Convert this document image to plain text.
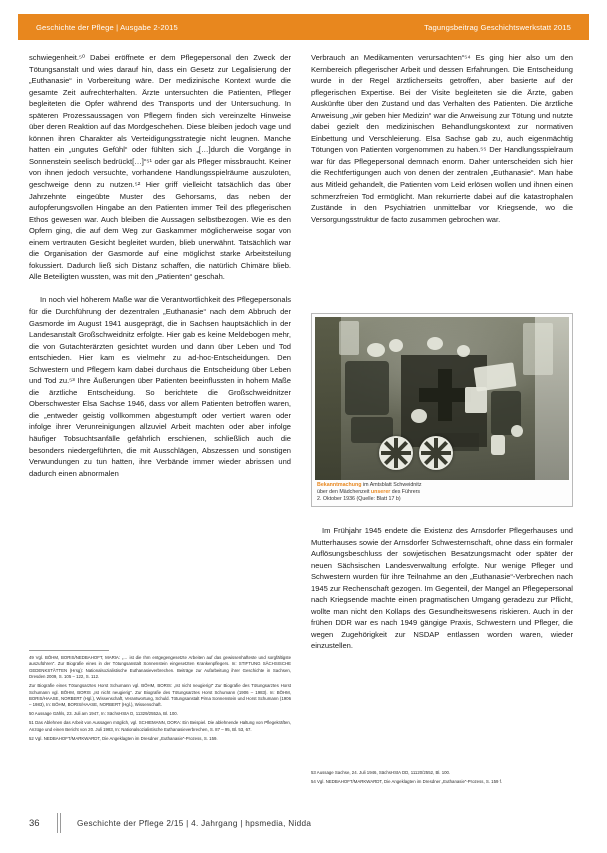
Geschichte der Pflege | Ausgabe 2-2015	Tagungsbeitrag Geschichtswerkstatt 2015

schwiegenheit.⁵⁰ Dabei eröffnete er dem Pflegepersonal den Zweck der Tötungsanstalt und wies darauf hin, dass ein Gesetz zur Legalisierung der „Euthanasie“ in Vorbereitung wäre. Der medizinische Kontext wurde die gesamte Zeit aufrechterhalten. Ärzte untersuchten die Patienten, Pfleger begleiteten die Opfer während des Transports und der Untersuchung. In späteren Prozessaussagen von Pflegern finden sich vereinzelte Hinweise über deren Reaktion auf das Mordgeschehen. Diese bleiben jedoch vage und können ihren Charakter als Verteidigungsstrategie nicht leugnen. Manche hatten ein „ungutes Gefühl“ oder fühlten sich „[…]durch die Vorgänge in Sonnenstein seelisch bedrückt[…]“⁵¹ oder gar als Pfleger missbraucht. Keiner von ihnen jedoch versuchte, vorhandene Handlungsspielräume auszuloten, geschweige denn zu nutzen.⁵² Hier griff vielleicht tatsächlich das über Jahrzehnte eingeübte Muster des Gehorsams, das neben der aufopferungsvollen Hingabe an den Patienten immer Teil des pflegerischen Ethos gewesen war. Auch bleiben die Aussagen selbstbezogen. Wie es den Opfern ging, die auf dem Weg zur Gaskammer möglicherweise sogar von einem vertrauten Gesicht begleitet wurden, blieb unerwähnt. Tatsächlich war die Organisation der Gasmorde auf eine möglichst starke Arbeitsteilung fokussiert. Dadurch ließ sich Distanz schaffen, die natürlich Chimäre blieb. Alle Beteiligten wussten, was mit den „Patienten“ geschah.

In noch viel höherem Maße war die Verantwortlichkeit des Pflegepersonals für die Durchführung der dezentralen „Euthanasie“ nach dem Abbruch der Gasmorde im August 1941 ausgeprägt, die in Sachsen hauptsächlich in der Landesanstalt Großschweidnitz erfolgte. Hier gab es keine Meldebogen mehr, die von Gutachterärzten gesichtet wurden und dann über Leben und Tod entschieden. Hier kam es vielmehr zu ad-hoc-Entscheidungen. Den Schwestern und Pflegern kam dabei durchaus die Entscheidung über Leben und Tod zu.⁵³ Ihre Äußerungen über Patienten beeinflussten in hohem Maße die ärztliche Entscheidung. So berichtete die Großschweidnitzer Oberschwester Elsa Sachse 1946, dass vor allem Patienten betroffen waren, die „entweder geistig vollkommen abgestumpft oder vertiert waren oder infolge ihrer Verunreinigungen allzuviel Arbeit machten oder aber infolge häufiger Tobsuchtsanfälle gefährlich erschienen, schließlich auch die besonders niedergeführten, die mit Ausschlägen, Abszessen und sonstigen Verwundungen zu tun hatten, ihre Verbände immer wieder abrissen und dadurch einen abnormalen

Verbrauch an Medikamenten verursachten“⁵⁴ Es ging hier also um den Kernbereich pflegerischer Arbeit und dessen Erfahrungen. Die Entscheidung wurde in der Regel ärztlicherseits getroffen, aber basierte auf der pflegerischen Expertise. Bei der Visite begleiteten sie die Ärzte, gaben Auskünfte über den Zustand und das Verhalten des Patienten. Die ärztliche Anweisung „wir geben hier Medizin“ war die Anweisung zur Tötung und nutzte dabei gezielt den medizinischen Behandlungskontext zur normativen Einbettung und Verschleierung. Elsa Sachse gab zu, auch eigenmächtig Tötungen von Patienten vorgenommen zu haben.⁵⁵ Der Handlungsspielraum war für das Pflegepersonal demnach enorm. Daher unterscheiden sich hier die Rechtfertigungen auch von denen der zentralen „Euthanasie“. Man habe aus Mitleid gehandelt, die Patienten vom Leid erlösen wollen und ihnen einen schmerzfreien Tod ermöglicht. Man rekurrierte dabei auf die katastrophalen Zustände in den Psychiatrien unmittelbar vor Kriegsende, wo die Versorgungsstruktur de facto zusammen gebrochen war.

Bekanntmachung im Amtsblatt Schweidnitz
über den Mädchenzeit unserer des Führers
2. Oktober 1936 (Quelle: Blatt 17 b)

Im Frühjahr 1945 endete die Existenz des Arnsdorfer Pflegerhauses und Mutterhauses sowie der Arnsdorfer Schwesternschaft, ohne dass ein formaler Auflösungsbeschluss der sowjetischen Besatzungsmacht oder später der neuen Sächsischen Landesverwaltung erfolgte. Nur wenige Pfleger und Schwestern wurden für ihre Teilnahme an den „Euthanasie“-Verbrechen nach 1945 zur Rechenschaft gezogen. Im Gegenteil, der Mangel an Pflegepersonal nach Kriegsende machte einen pragmatischen Umgang geradezu zur Pflicht, wollte man nicht den Kollaps des Gesundheitswesens riskieren. Auch in der frühen DDR war es nach 1949 gängige Praxis, Schwestern und Pfleger, die wegen Zugehörigkeit zur NSDAP entlassen worden waren, wieder einzustellen.

49 Vgl. BÖHM, BORIS/NEDBAHOFT, MARIA: „… ist die Ihm entgegengesetzte Arbeiten auf das gewissenhafteste und sorgfältigste auszuführen“. Zur Biografie eines in der Tötungsanstalt Sonnenstein eingesetzten Krankenpflegers. In: STIFTUNG SÄCHSISCHE GEDENKSTÄTTEN (Hrsg): Nationalsozialistische Euthanasieverbrechen. Beiträge zur Aufarbeitung ihrer Geschichte in Sachsen, Dresden 2009, S. 105 – 122, S. 112.

Zur Biografie eines Tötungsarztes Horst Schumann vgl. BÖHM, BORIS: „Ist nicht neugierig!“ Zur Biografie des Tötungsarztes Horst Schumann vgl. BÖHM, BORIS „Ist nicht neugierig“. Zur Biografie des Tötungsarztes Horst Schumann (1906 – 1983). In: BÖHM, BORIS/HAASE, NORBERT (Hgl.), Wissenschaft, Verantwortung, Schuld. Tötungsanstalt Pirna Sonnenstein und Horst Schumann (1906 – 1983), In: BÖHM, BORIS/HAASE, NORBERT (Hgl.), Wissenschaft.

50 Aussage Gähls, 23. Juli am 1947, In: SächsHStA D, 11329/2552a, Bl. 100.

51 Das Ablehnen das Arbeit von Aussagen möglich, vgl. SCHIEMANN, DORA: Ein Beispiel. Die ablehnende Haltung von Pflegekräften, Anzüge und einen Bericht von 20. Juli 1983, In: Nationalsozialistische Euthanasieverbrechen, S. 87 – 95, Bl. 53, 67.

52 Vgl. NEDBAHOFT/MARKWARDT, Die Angeklagten im Dresdner „Euthanasie“-Prozess, S. 159.

53 Aussage Sachse, 24. Juli 1946, SächsHStA DD, 11120/2552, Bl. 100.

54 Vgl. NEDBAHOFT/MARKWARDT, Die Angeklagten im Dresdner „Euthanasie“-Prozess, S. 159 f.

36	Geschichte der Pflege 2/15 | 4. Jahrgang | hpsmedia, Nidda
